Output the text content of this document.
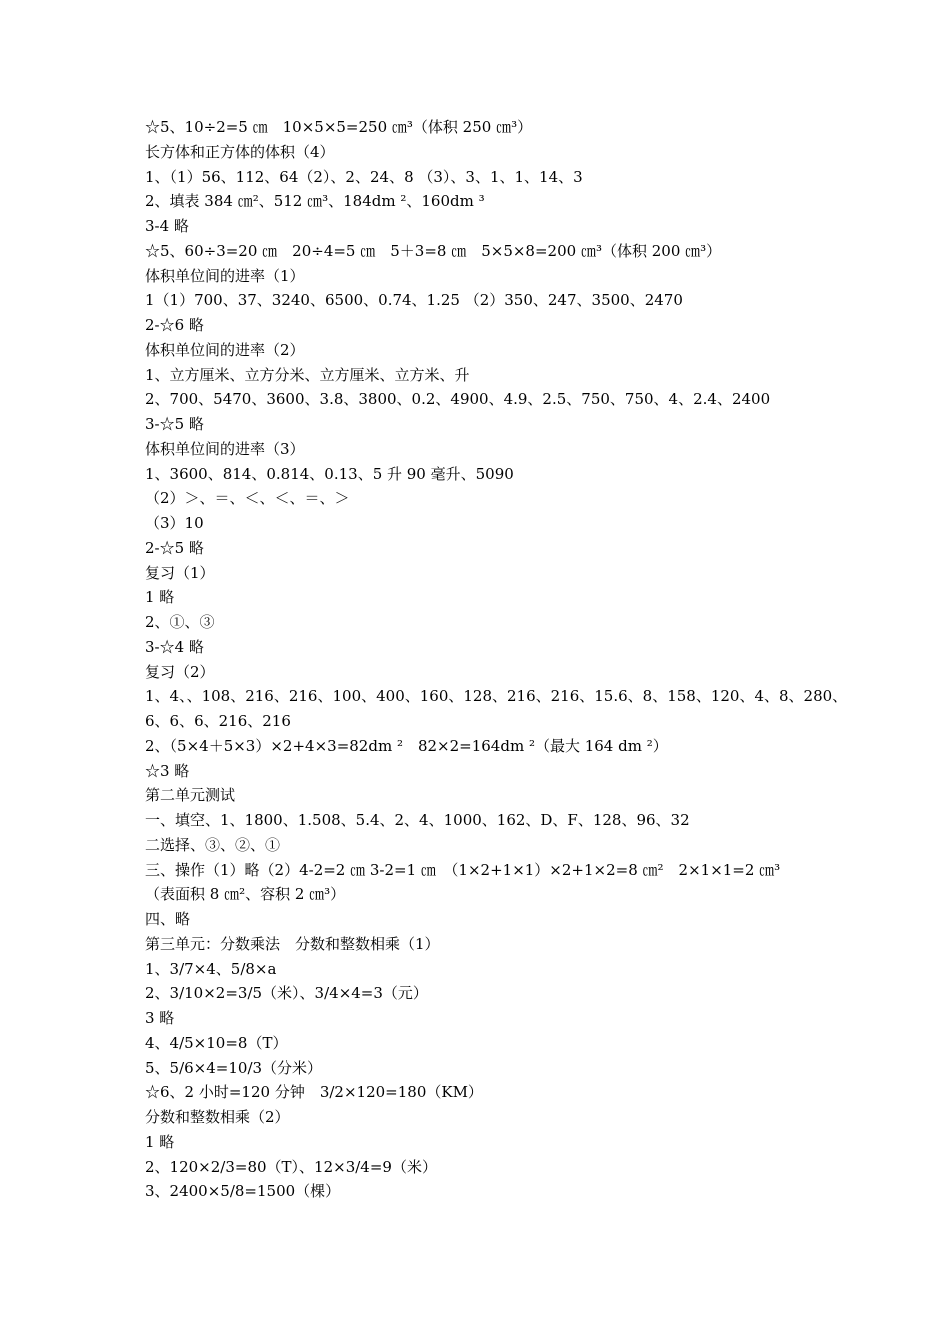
☆5、10÷2=5 ㎝　10×5×5=250 ㎝³（体积 250 ㎝³）
长方体和正方体的体积（4）
1、（1）56、112、64（2）、2、24、8 （3）、3、1、1、14、3
2、填表 384 ㎝²、512 ㎝³、184dm ²、160dm ³
3-4 略
☆5、60÷3=20 ㎝　20÷4=5 ㎝　5＋3=8 ㎝　5×5×8=200 ㎝³（体积 200 ㎝³）
体积单位间的进率（1）
1（1）700、37、3240、6500、0.74、1.25 （2）350、247、3500、2470
2-☆6 略
体积单位间的进率（2）
1、立方厘米、立方分米、立方厘米、立方米、升
2、700、5470、3600、3.8、3800、0.2、4900、4.9、2.5、750、750、4、2.4、2400
3-☆5 略
体积单位间的进率（3）
1、3600、814、0.814、0.13、5 升 90 毫升、5090
（2）＞、＝、＜、＜、＝、＞
（3）10
2-☆5 略
复习（1）
1 略
2、①、③
3-☆4 略
复习（2）
1、4、、108、216、216、100、400、160、128、216、216、15.6、8、158、120、4、8、280、
6、6、6、216、216
2、（5×4＋5×3）×2+4×3=82dm ²　82×2=164dm ²（最大 164 dm ²）
☆3 略
第二单元测试
一、填空、1、1800、1.508、5.4、2、4、1000、162、D、F、128、96、32
二选择、③、②、①
三、操作（1）略（2）4-2=2 ㎝ 3-2=1 ㎝　（1×2+1×1）×2+1×2=8 ㎝²　2×1×1=2 ㎝³
（表面积 8 ㎝²、容积 2 ㎝³）
四、略
第三单元：分数乘法　分数和整数相乘（1）
1、3/7×4、5/8×a
2、3/10×2=3/5（米）、3/4×4=3（元）
3 略
4、4/5×10=8（T）
5、5/6×4=10/3（分米）
☆6、2 小时=120 分钟　3/2×120=180（KM）
分数和整数相乘（2）
1 略
2、120×2/3=80（T）、12×3/4=9（米）
3、2400×5/8=1500（棵）
